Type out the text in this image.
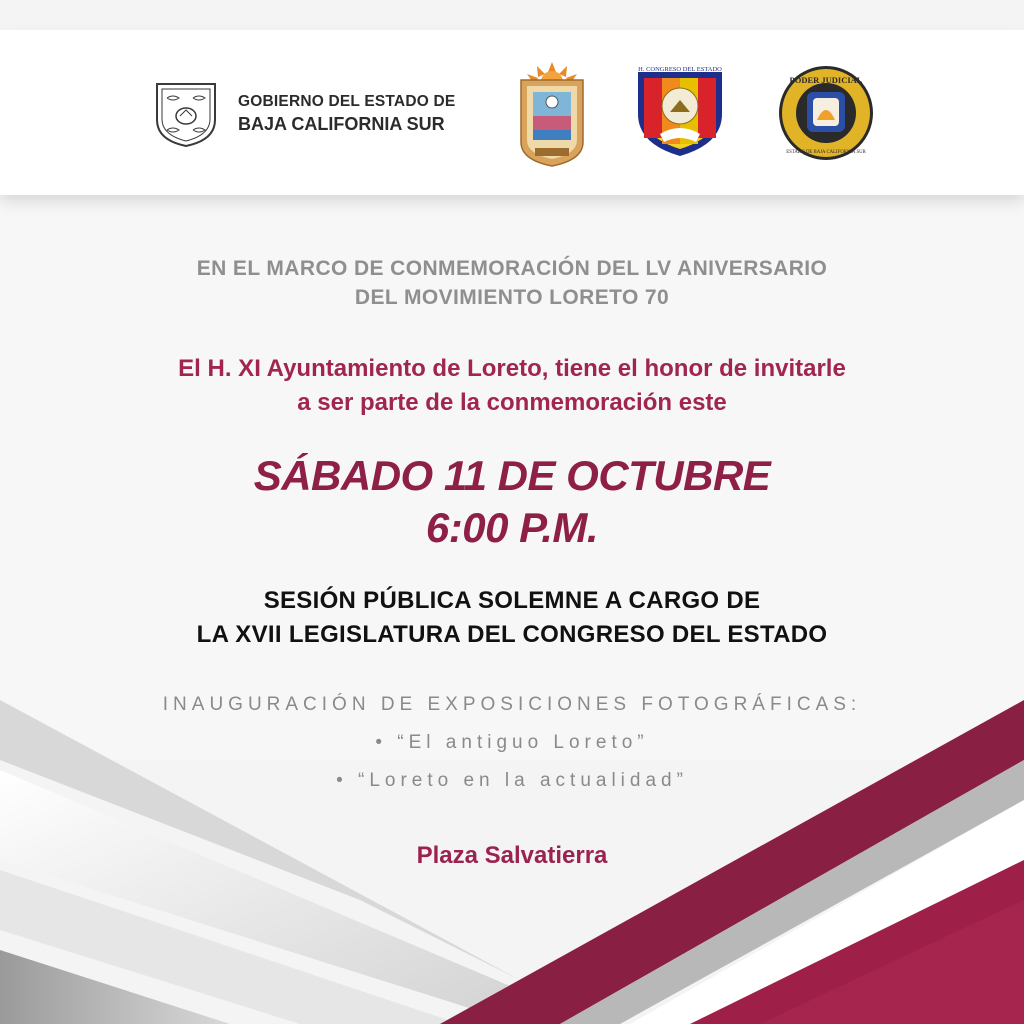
GOBIERNO DEL ESTADO DE
BAJA CALIFORNIA SUR
H. CONGRESO DEL ESTADO
PODER JUDICIAL
ESTADO DE BAJA CALIFORNIA SUR
EN EL MARCO DE CONMEMORACIÓN DEL LV ANIVERSARIO
DEL MOVIMIENTO LORETO 70
El H. XI Ayuntamiento de Loreto, tiene el honor de invitarle
a ser parte de la conmemoración este
SÁBADO 11 DE OCTUBRE
6:00 P.M.
SESIÓN PÚBLICA SOLEMNE A CARGO DE
LA XVII LEGISLATURA DEL CONGRESO DEL ESTADO
INAUGURACIÓN DE EXPOSICIONES FOTOGRÁFICAS:
• “El antiguo Loreto”
• “Loreto en la actualidad”
Plaza Salvatierra
